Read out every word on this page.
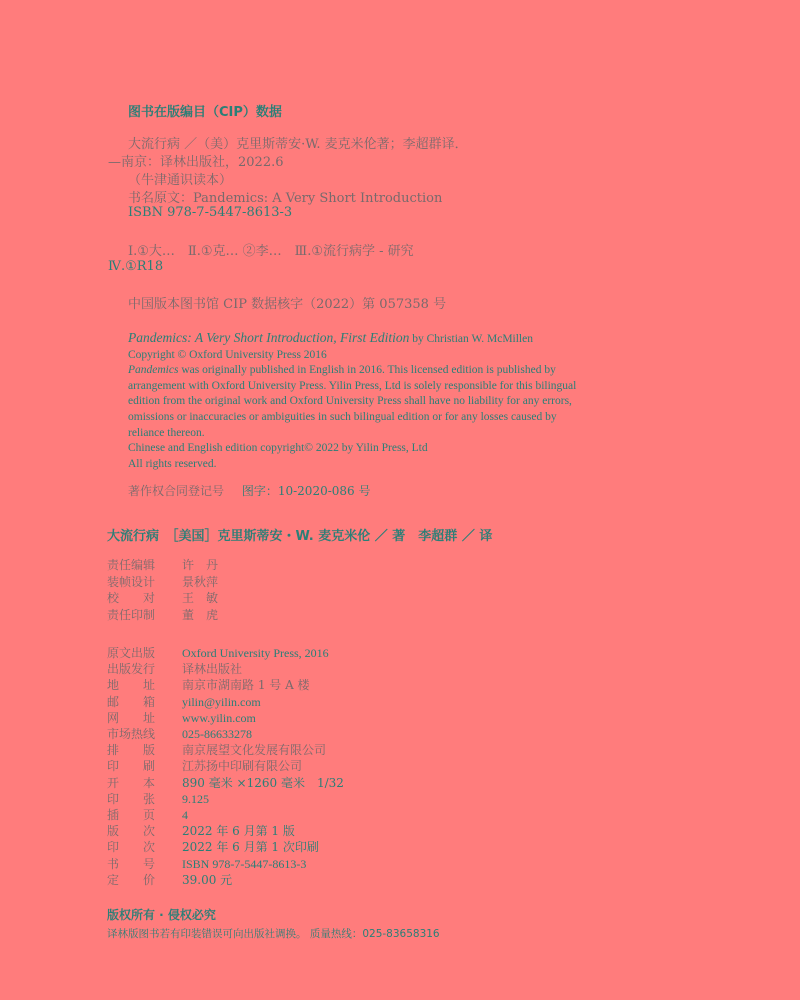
图书在版编目（CIP）数据
大流行病 ／（美）克里斯蒂安·W. 麦克米伦著；李超群译．
—南京：译林出版社，2022.6
（牛津通识读本）
书名原文：Pandemics: A Very Short Introduction
ISBN 978-7-5447-8613-3
Ⅰ.①大…　Ⅱ.①克… ②李…　Ⅲ.①流行病学 - 研究
Ⅳ.①R18
中国版本图书馆 CIP 数据核字（2022）第 057358 号
Pandemics: A Very Short Introduction, First Edition by Christian W. McMillen
Copyright © Oxford University Press 2016
Pandemics was originally published in English in 2016. This licensed edition is published by
arrangement with Oxford University Press. Yilin Press, Ltd is solely responsible for this bilingual
edition from the original work and Oxford University Press shall have no liability for any errors,
omissions or inaccuracies or ambiguities in such bilingual edition or for any losses caused by
reliance thereon.
Chinese and English edition copyright© 2022 by Yilin Press, Ltd
All rights reserved.
著作权合同登记号 图字：10-2020-086 号
大流行病　［美国］克里斯蒂安・W. 麦克米伦 ／ 著　李超群 ／ 译
责任编辑	许　丹
装帧设计	景秋萍
校　　对	王　敏
责任印制	董　虎
原文出版	Oxford University Press, 2016
出版发行	译林出版社
地　　址	南京市湖南路 1 号 A 楼
邮　　箱	yilin@yilin.com
网　　址	www.yilin.com
市场热线	025-86633278
排　　版	南京展望文化发展有限公司
印　　刷	江苏扬中印刷有限公司
开　　本	890 毫米 ×1260 毫米　1/32
印　　张	9.125
插　　页	4
版　　次	2022 年 6 月第 1 版
印　　次	2022 年 6 月第 1 次印刷
书　　号	ISBN 978-7-5447-8613-3
定　　价	39.00 元
版权所有 · 侵权必究
译林版图书若有印装错误可向出版社调换。 质量热线：025-83658316
